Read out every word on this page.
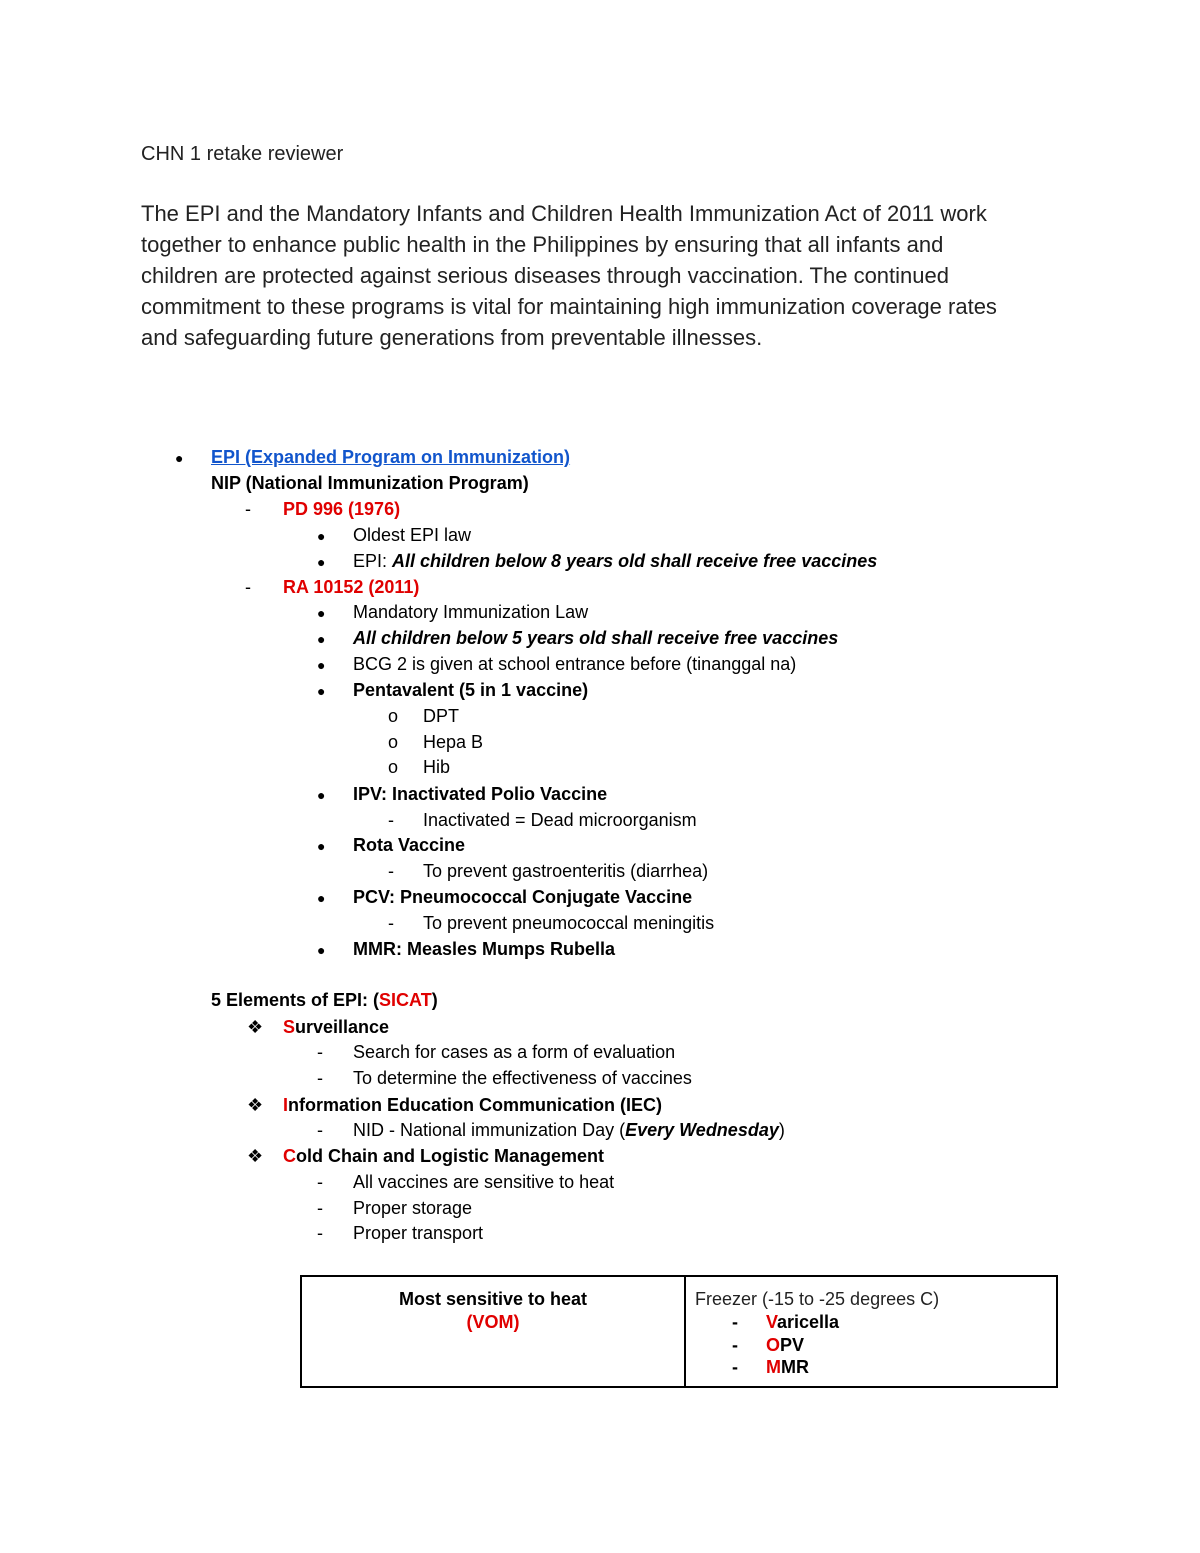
CHN 1 retake reviewer
The EPI and the Mandatory Infants and Children Health Immunization Act of 2011 work
together to enhance public health in the Philippines by ensuring that all infants and
children are protected against serious diseases through vaccination. The continued
commitment to these programs is vital for maintaining high immunization coverage rates
and safeguarding future generations from preventable illnesses.
● EPI (Expanded Program on Immunization)
NIP (National Immunization Program)
- PD 996 (1976)
● Oldest EPI law
● EPI: All children below 8 years old shall receive free vaccines
- RA 10152 (2011)
● Mandatory Immunization Law
● All children below 5 years old shall receive free vaccines
● BCG 2 is given at school entrance before (tinanggal na)
● Pentavalent (5 in 1 vaccine)
o DPT
o Hepa B
o Hib
● IPV: Inactivated Polio Vaccine
- Inactivated = Dead microorganism
● Rota Vaccine
- To prevent gastroenteritis (diarrhea)
● PCV: Pneumococcal Conjugate Vaccine
- To prevent pneumococcal meningitis
● MMR: Measles Mumps Rubella
5 Elements of EPI: (SICAT)
❖ Surveillance
- Search for cases as a form of evaluation
- To determine the effectiveness of vaccines
❖ Information Education Communication (IEC)
- NID - National immunization Day (Every Wednesday)
❖ Cold Chain and Logistic Management
- All vaccines are sensitive to heat
- Proper storage
- Proper transport
Most sensitive to heat
(VOM)
Freezer (-15 to -25 degrees C)
- Varicella
- OPV
- MMR
